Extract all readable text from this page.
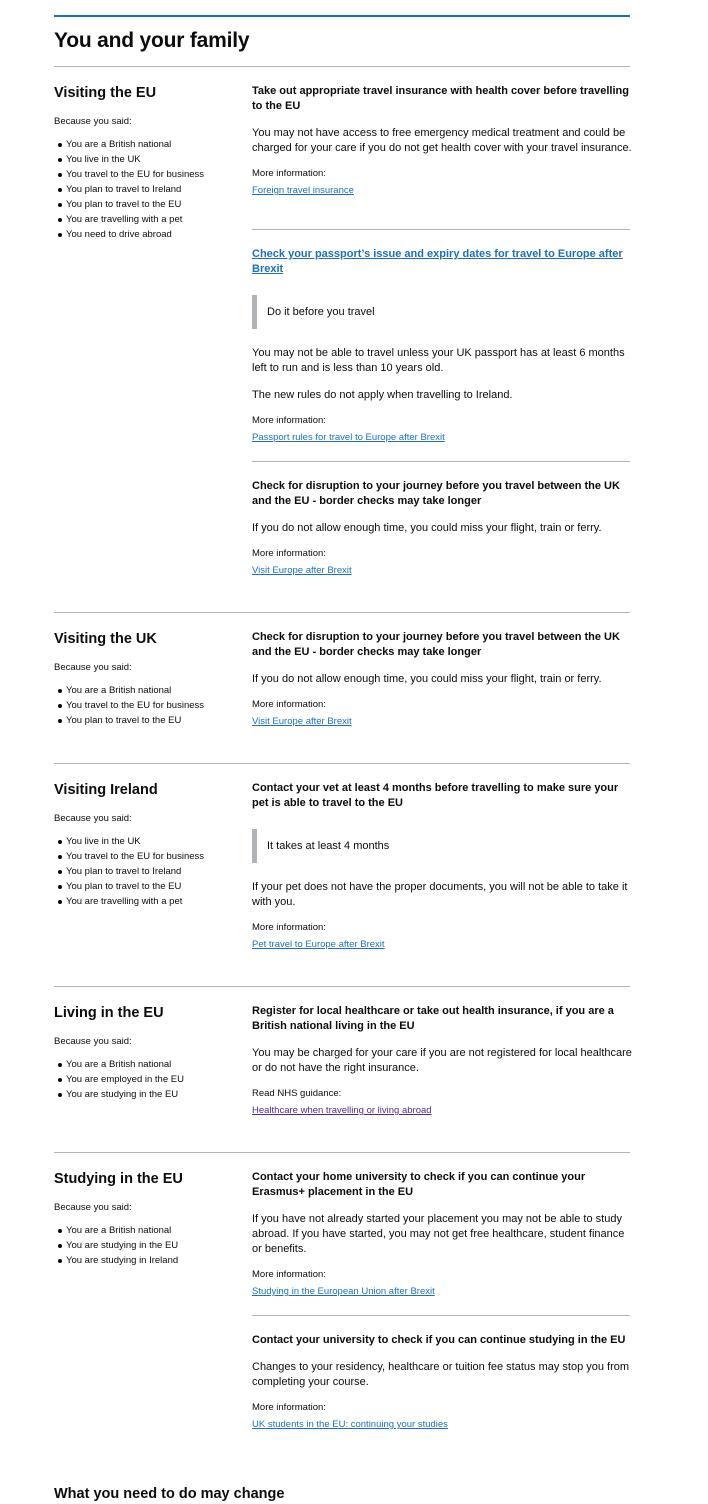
You and your family
Visiting the EU
Because you said:
You are a British national
You live in the UK
You travel to the EU for business
You plan to travel to Ireland
You plan to travel to the EU
You are travelling with a pet
You need to drive abroad
Take out appropriate travel insurance with health cover before travelling to the EU

You may not have access to free emergency medical treatment and could be charged for your care if you do not get health cover with your travel insurance.

More information:

Foreign travel insurance
Check your passport’s issue and expiry dates for travel to Europe after Brexit
Do it before you travel

You may not be able to travel unless your UK passport has at least 6 months left to run and is less than 10 years old.

The new rules do not apply when travelling to Ireland.

More information:

Passport rules for travel to Europe after Brexit
Check for disruption to your journey before you travel between the UK and the EU - border checks may take longer

If you do not allow enough time, you could miss your flight, train or ferry.

More information:

Visit Europe after Brexit
Visiting the UK
Because you said:
You are a British national
You travel to the EU for business
You plan to travel to the EU
Check for disruption to your journey before you travel between the UK and the EU - border checks may take longer

If you do not allow enough time, you could miss your flight, train or ferry.

More information:

Visit Europe after Brexit
Visiting Ireland
Because you said:
You live in the UK
You travel to the EU for business
You plan to travel to Ireland
You plan to travel to the EU
You are travelling with a pet
Contact your vet at least 4 months before travelling to make sure your pet is able to travel to the EU
It takes at least 4 months

If your pet does not have the proper documents, you will not be able to take it with you.

More information:

Pet travel to Europe after Brexit
Living in the EU
Because you said:
You are a British national
You are employed in the EU
You are studying in the EU
Register for local healthcare or take out health insurance, if you are a British national living in the EU

You may be charged for your care if you are not registered for local healthcare or do not have the right insurance.

Read NHS guidance:

Healthcare when travelling or living abroad
Studying in the EU
Because you said:
You are a British national
You are studying in the EU
You are studying in Ireland
Contact your home university to check if you can continue your Erasmus+ placement in the EU

If you have not already started your placement you may not be able to study abroad. If you have started, you may not get free healthcare, student finance or benefits.

More information:

Studying in the European Union after Brexit
Contact your university to check if you can continue studying in the EU

Changes to your residency, healthcare or tuition fee status may stop you from completing your course.

More information:

UK students in the EU: continuing your studies
What you need to do may change
